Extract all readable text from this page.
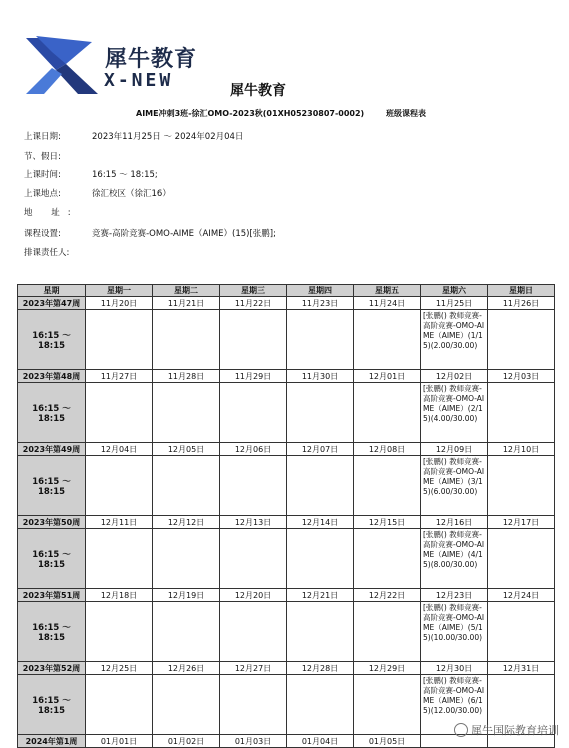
犀牛教育
X-NEW	犀牛教育
AIME冲刺3班-徐汇OMO-2023秋(01XH05230807-0002)	班级课程表
上课日期:	2023年11月25日 ～ 2024年02月04日
节、假日:
上课时间:	16:15 ～ 18:15;
上课地点:	徐汇校区（徐汇16）
地 址:
课程设置:	竞赛-高阶竞赛-OMO-AIME（AIME）(15)[张鹏];
排课责任人:
星期	星期一	星期二	星期三	星期四	星期五	星期六	星期日
2023年第47周	11月20日	11月21日	11月22日	11月23日	11月24日	11月25日	11月26日
16:15 ～ 18:15						[张鹏() 教师竞赛-高阶竞赛-OMO-AIME（AIME）(1/15)(2.00/30.00)	
2023年第48周	11月27日	11月28日	11月29日	11月30日	12月01日	12月02日	12月03日
16:15 ～ 18:15						[张鹏() 教师竞赛-高阶竞赛-OMO-AIME（AIME）(2/15)(4.00/30.00)	
2023年第49周	12月04日	12月05日	12月06日	12月07日	12月08日	12月09日	12月10日
16:15 ～ 18:15						[张鹏() 教师竞赛-高阶竞赛-OMO-AIME（AIME）(3/15)(6.00/30.00)	
2023年第50周	12月11日	12月12日	12月13日	12月14日	12月15日	12月16日	12月17日
16:15 ～ 18:15						[张鹏() 教师竞赛-高阶竞赛-OMO-AIME（AIME）(4/15)(8.00/30.00)	
2023年第51周	12月18日	12月19日	12月20日	12月21日	12月22日	12月23日	12月24日
16:15 ～ 18:15						[张鹏() 教师竞赛-高阶竞赛-OMO-AIME（AIME）(5/15)(10.00/30.00)	
2023年第52周	12月25日	12月26日	12月27日	12月28日	12月29日	12月30日	12月31日
16:15 ～ 18:15						[张鹏() 教师竞赛-高阶竞赛-OMO-AIME（AIME）(6/15)(12.00/30.00)	
2024年第1周	01月01日	01月02日	01月03日	01月04日	01月05日		
犀牛国际教育培训
